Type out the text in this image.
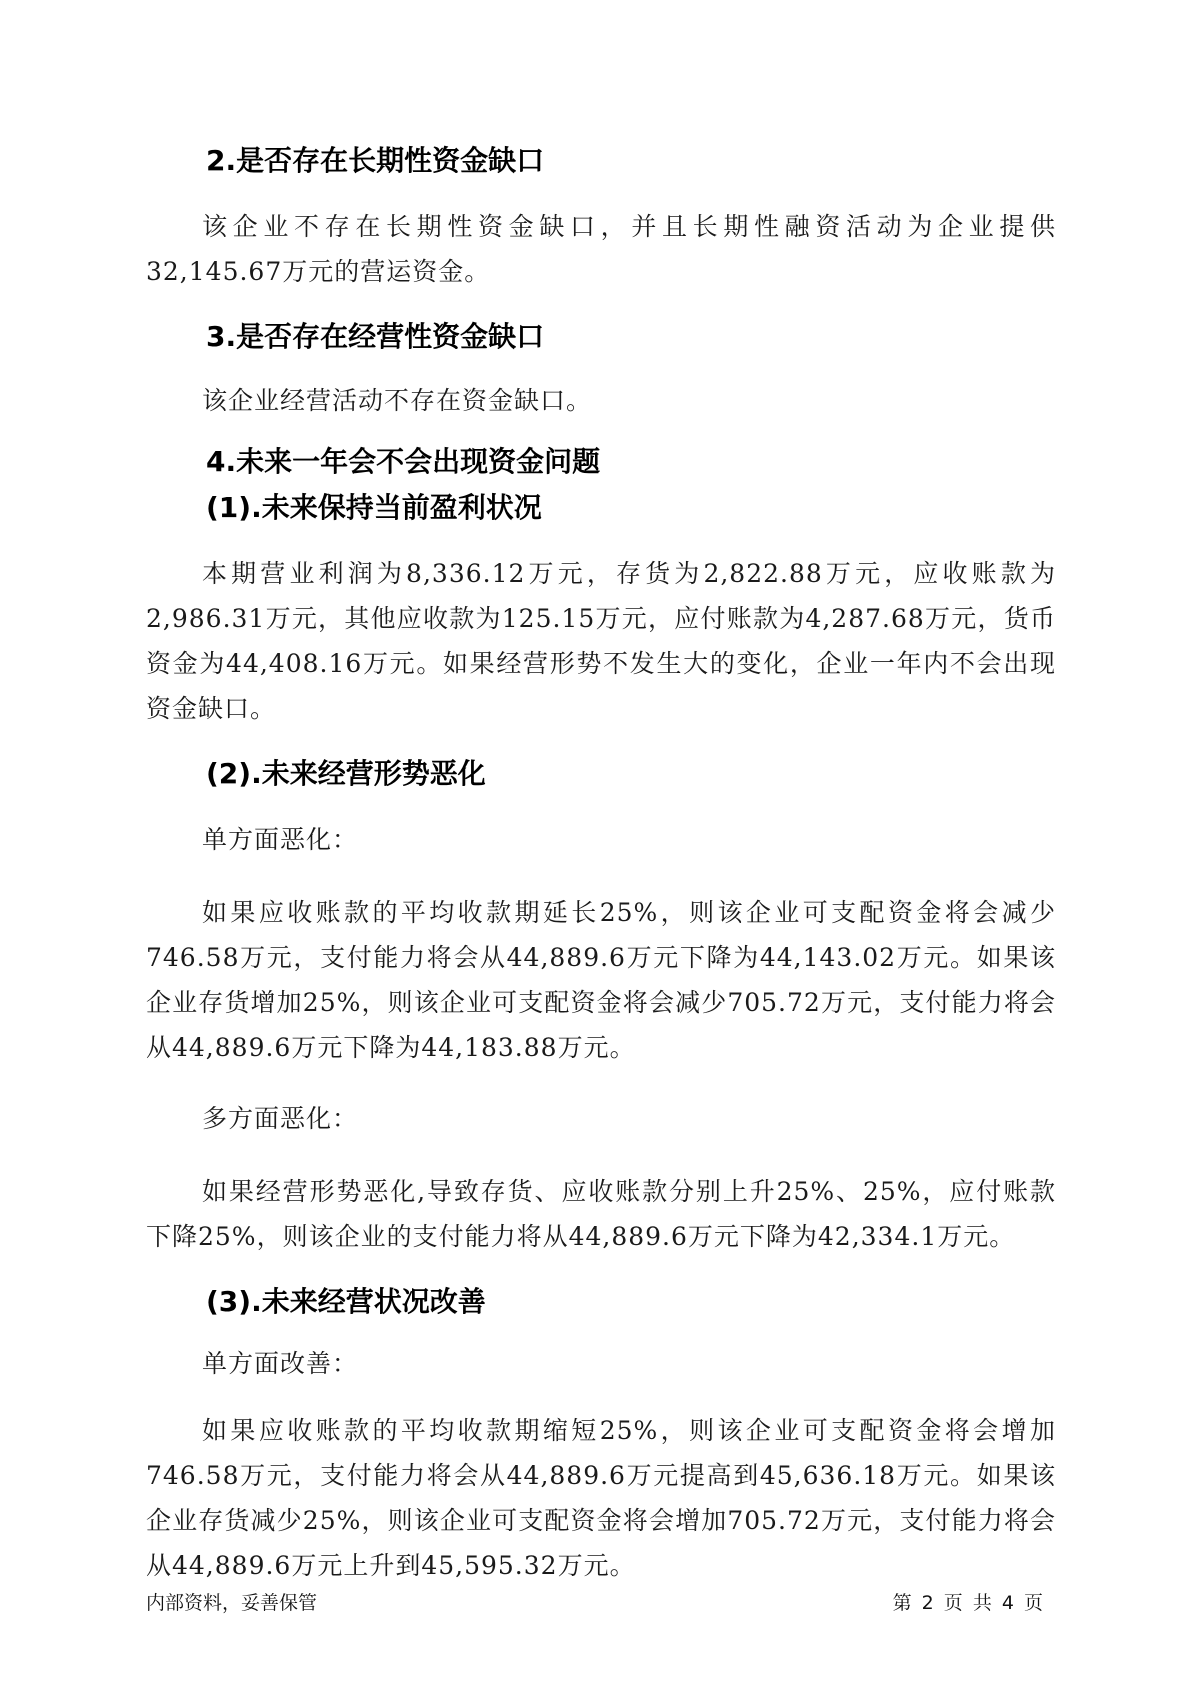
2.是否存在长期性资金缺口

该企业不存在长期性资金缺口，并且长期性融资活动为企业提供32,145.67万元的营运资金。

3.是否存在经营性资金缺口

该企业经营活动不存在资金缺口。

4.未来一年会不会出现资金问题
(1).未来保持当前盈利状况

本期营业利润为8,336.12万元，存货为2,822.88万元，应收账款为2,986.31万元，其他应收款为125.15万元，应付账款为4,287.68万元，货币资金为44,408.16万元。如果经营形势不发生大的变化，企业一年内不会出现资金缺口。

(2).未来经营形势恶化

单方面恶化：

如果应收账款的平均收款期延长25%，则该企业可支配资金将会减少746.58万元，支付能力将会从44,889.6万元下降为44,143.02万元。如果该企业存货增加25%，则该企业可支配资金将会减少705.72万元，支付能力将会从44,889.6万元下降为44,183.88万元。

多方面恶化：

如果经营形势恶化,导致存货、应收账款分别上升25%、25%，应付账款下降25%，则该企业的支付能力将从44,889.6万元下降为42,334.1万元。

(3).未来经营状况改善

单方面改善：

如果应收账款的平均收款期缩短25%，则该企业可支配资金将会增加746.58万元，支付能力将会从44,889.6万元提高到45,636.18万元。如果该企业存货减少25%，则该企业可支配资金将会增加705.72万元，支付能力将会从44,889.6万元上升到45,595.32万元。

内部资料，妥善保管	第 2 页 共 4 页
